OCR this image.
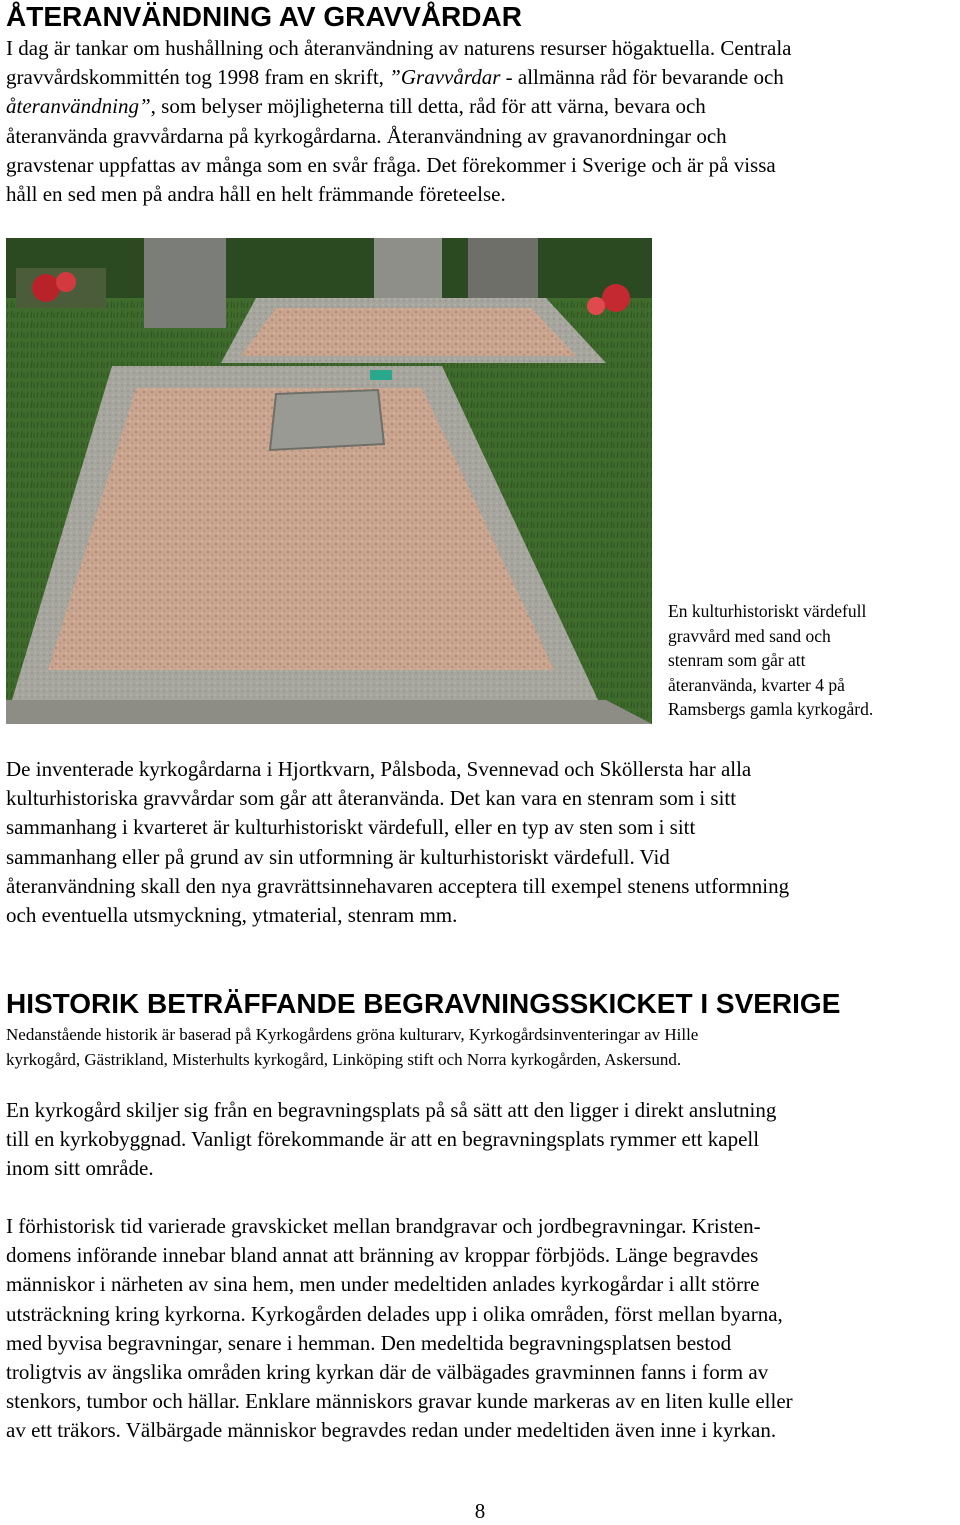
ÅTERANVÄNDNING AV GRAVVÅRDAR
I dag är tankar om hushållning och återanvändning av naturens resurser högaktuella. Centrala
gravvårdskommittén tog 1998 fram en skrift, ”Gravvårdar - allmänna råd för bevarande och
återanvändning”, som belyser möjligheterna till detta, råd för att värna, bevara och
återanvända gravvårdarna på kyrkogårdarna. Återanvändning av gravanordningar och
gravstenar uppfattas av många som en svår fråga. Det förekommer i Sverige och är på vissa
håll en sed men på andra håll en helt främmande företeelse.
En kulturhistoriskt värdefull
gravvård med sand och
stenram som går att
återanvända, kvarter 4 på
Ramsbergs gamla kyrkogård.
De inventerade kyrkogårdarna i Hjortkvarn, Pålsboda, Svennevad och Sköllersta har alla
kulturhistoriska gravvårdar som går att återanvända. Det kan vara en stenram som i sitt
sammanhang i kvarteret är kulturhistoriskt värdefull, eller en typ av sten som i sitt
sammanhang eller på grund av sin utformning är kulturhistoriskt värdefull. Vid
återanvändning skall den nya gravrättsinnehavaren acceptera till exempel stenens utformning
och eventuella utsmyckning, ytmaterial, stenram mm.
HISTORIK BETRÄFFANDE BEGRAVNINGSSKICKET I SVERIGE
Nedanstående historik är baserad på Kyrkogårdens gröna kulturarv, Kyrkogårdsinventeringar av Hille
kyrkogård, Gästrikland, Misterhults kyrkogård, Linköping stift och Norra kyrkogården, Askersund.
En kyrkogård skiljer sig från en begravningsplats på så sätt att den ligger i direkt anslutning
till en kyrkobyggnad. Vanligt förekommande är att en begravningsplats rymmer ett kapell
inom sitt område.
I förhistorisk tid varierade gravskicket mellan brandgravar och jordbegravningar. Kristen-
domens införande innebar bland annat att bränning av kroppar förbjöds. Länge begravdes
människor i närheten av sina hem, men under medeltiden anlades kyrkogårdar i allt större
utsträckning kring kyrkorna. Kyrkogården delades upp i olika områden, först mellan byarna,
med byvisa begravningar, senare i hemman. Den medeltida begravningsplatsen bestod
troligtvis av ängslika områden kring kyrkan där de välbägades gravminnen fanns i form av
stenkors, tumbor och hällar. Enklare människors gravar kunde markeras av en liten kulle eller
av ett träkors. Välbärgade människor begravdes redan under medeltiden även inne i kyrkan.
8
